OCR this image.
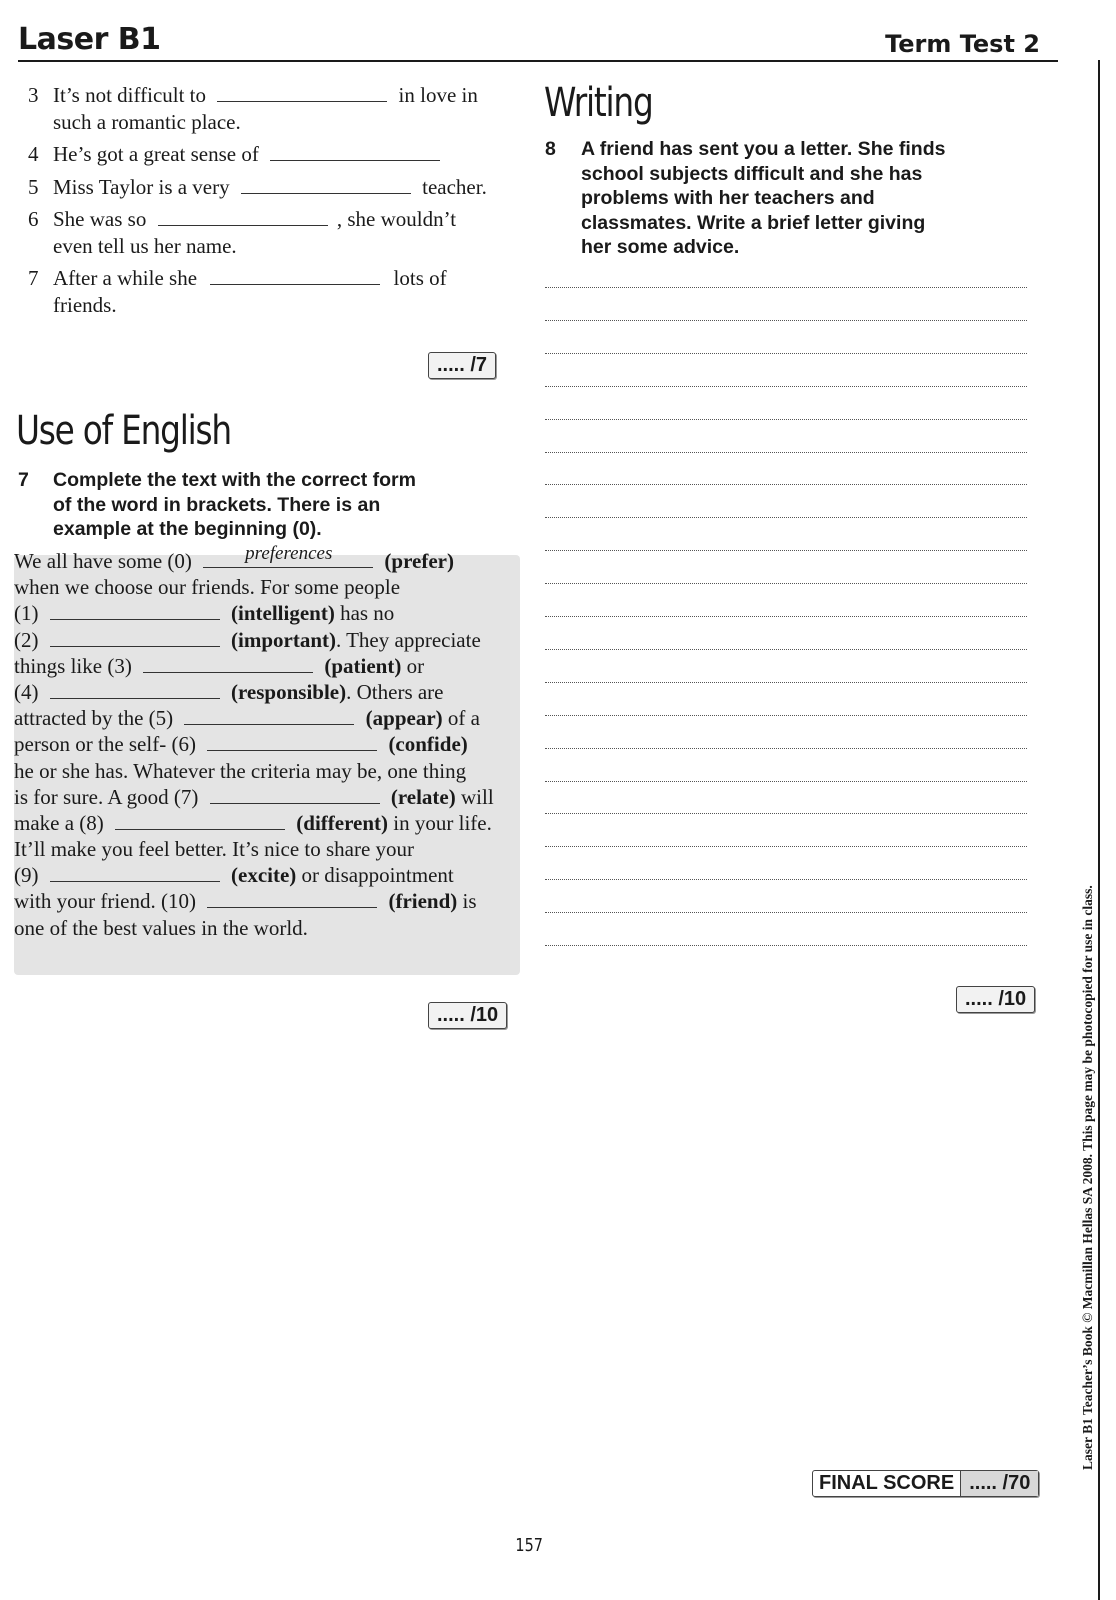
Laser B1	Term Test 2
3 It’s not difficult to	in love in
such a romantic place.
4 He’s got a great sense of
5 Miss Taylor is a very	teacher.
6 She was so	, she wouldn’t
even tell us her name.
7 After a while she	lots of
friends.
..... /7
Use of English
7 Complete the text with the correct form
of the word in brackets. There is an
example at the beginning (0).
We all have some (0)	preferences (prefer)
when we choose our friends. For some people
(1)	(intelligent) has no
(2)	(important). They appreciate
things like (3)	(patient) or
(4)	(responsible). Others are
attracted by the (5)	(appear) of a
person or the self- (6)	(confide)
he or she has. Whatever the criteria may be, one thing
is for sure. A good (7)	(relate) will
make a (8)	(different) in your life.
It’ll make you feel better. It’s nice to share your
(9)	(excite) or disappointment
with your friend. (10)	(friend) is
one of the best values in the world.
..... /10
Writing
8 A friend has sent you a letter. She finds
school subjects difficult and she has
problems with her teachers and
classmates. Write a brief letter giving
her some advice.
..... /10
FINAL SCORE ..... /70
157
Laser B1 Teacher’s Book © Macmillan Hellas SA 2008. This page may be photocopied for use in class.
